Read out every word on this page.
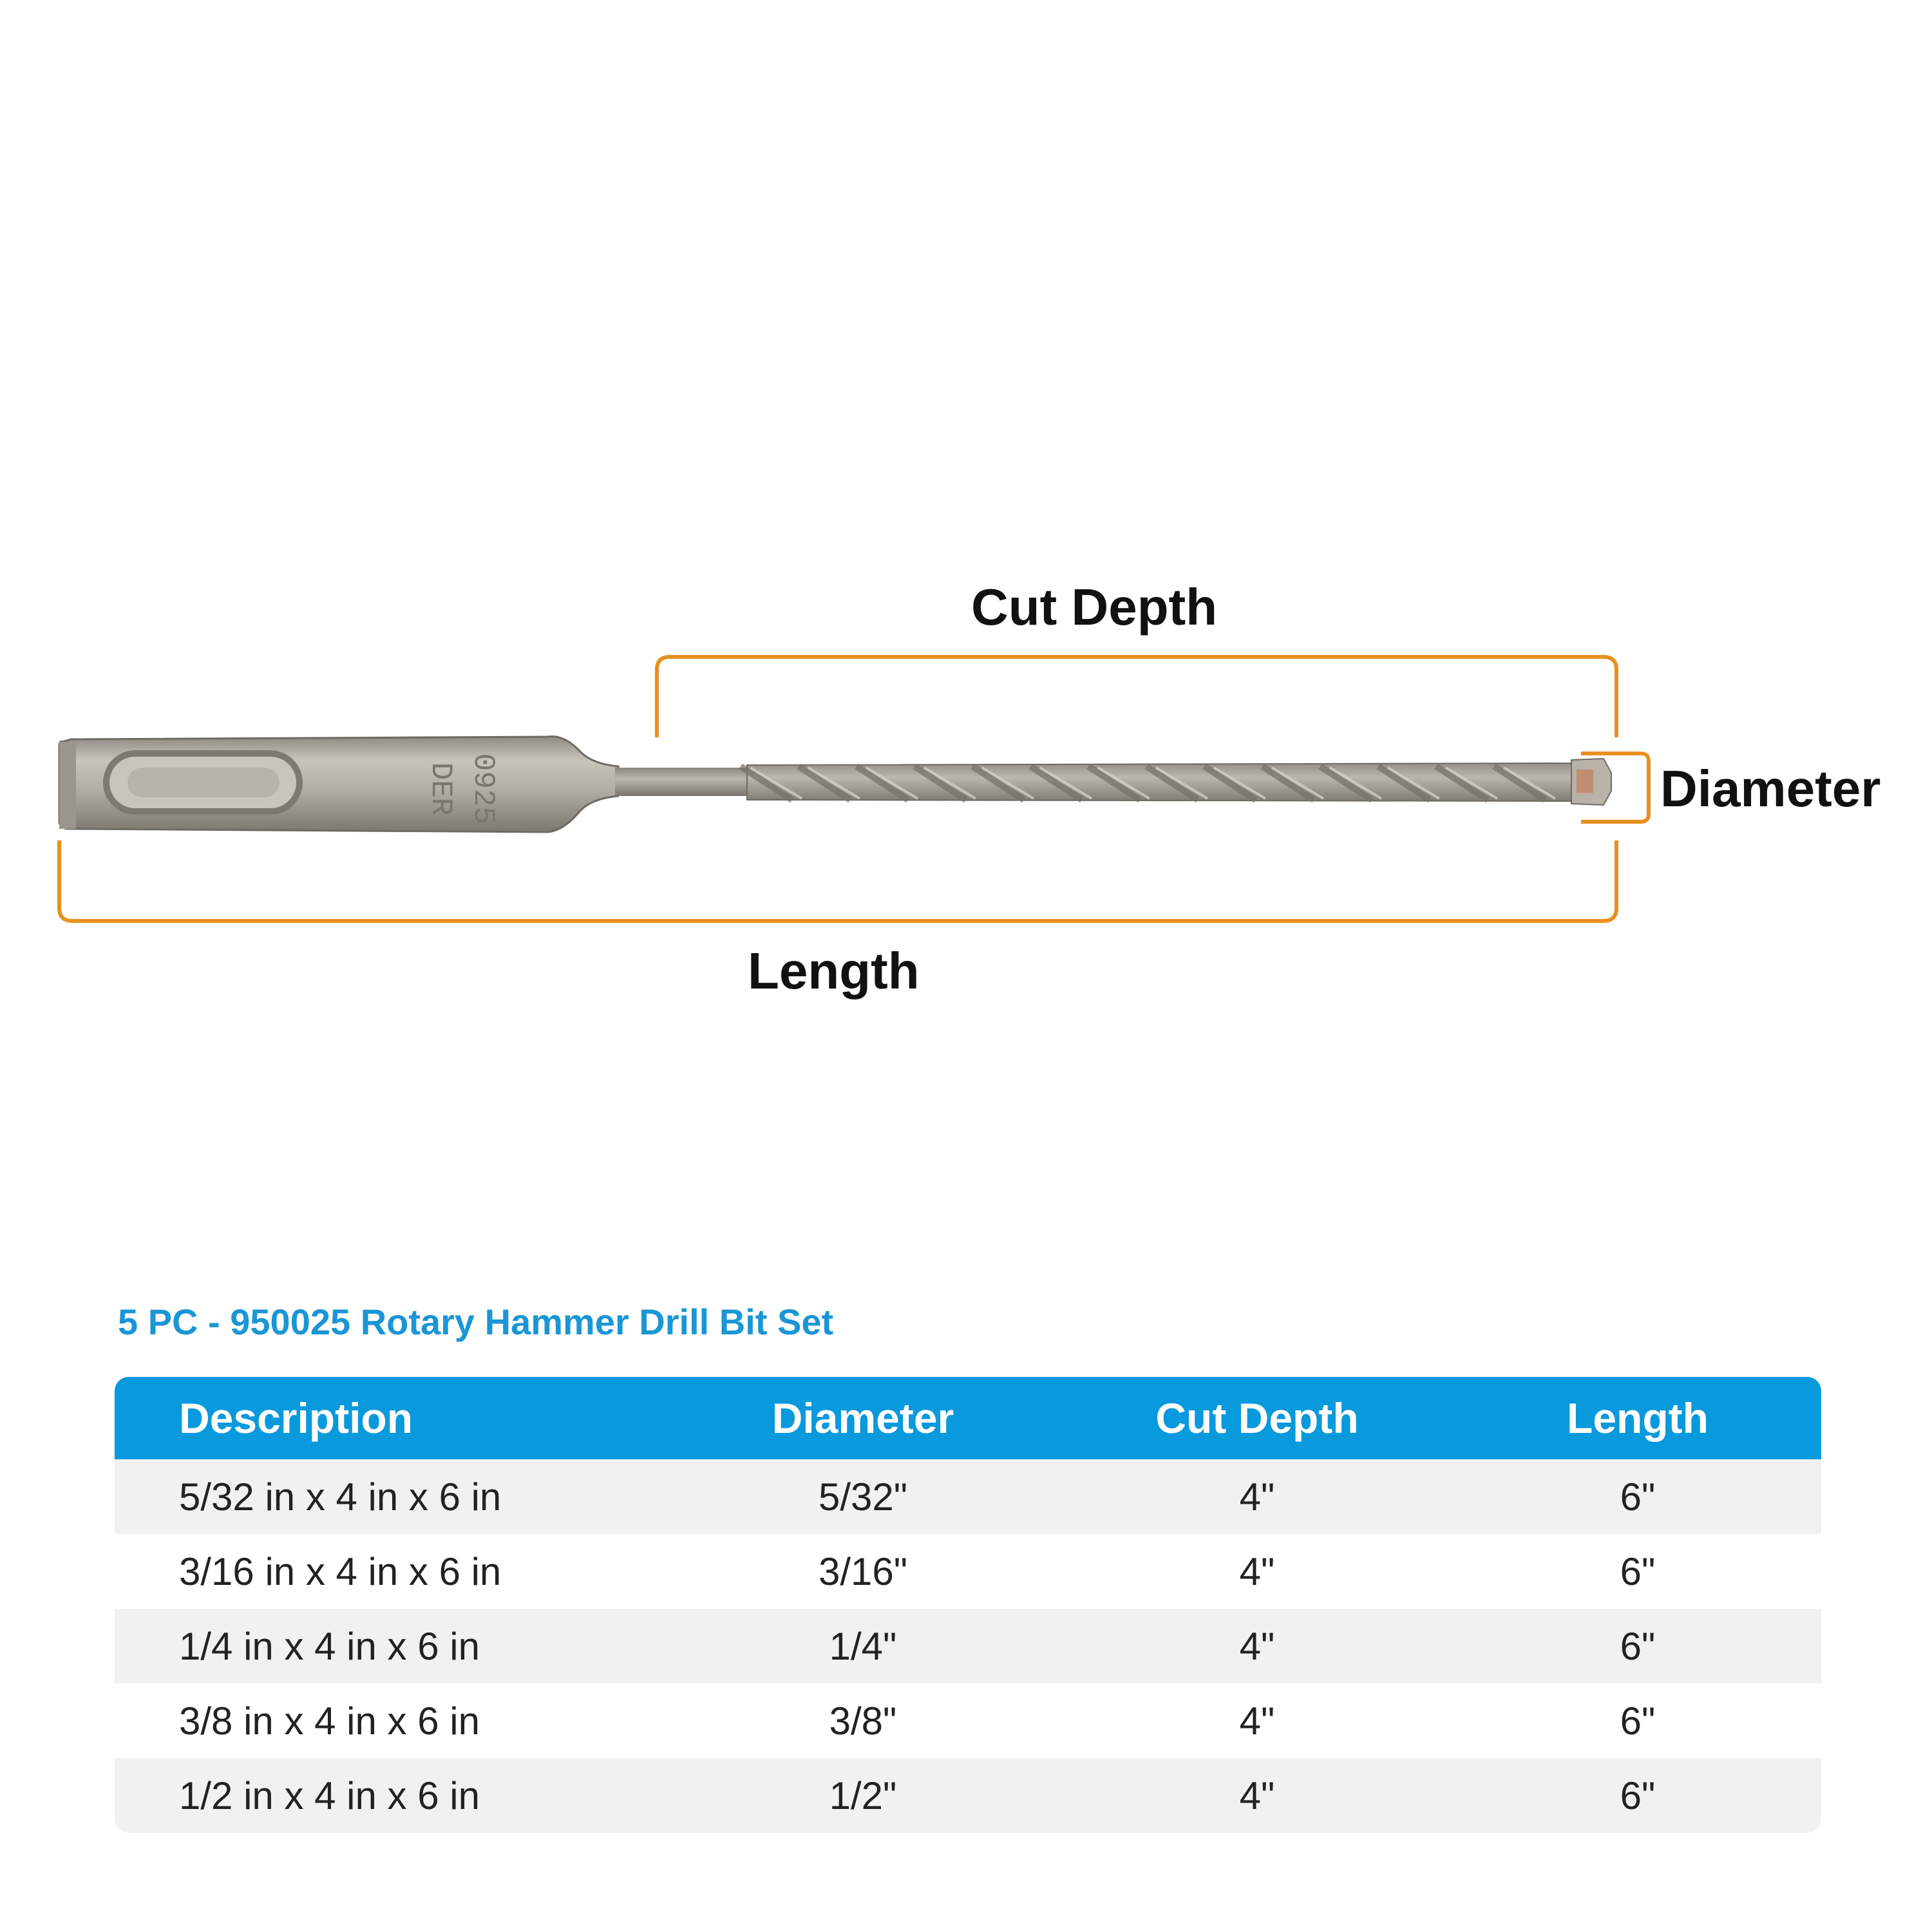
DER 0925
Cut Depth
Diameter
Length
5 PC - 950025 Rotary Hammer Drill Bit Set
Description	Diameter	Cut Depth	Length
5/32 in x 4 in x 6 in	5/32"	4"	6"
3/16 in x 4 in x 6 in	3/16"	4"	6"
1/4 in x 4 in x 6 in	1/4"	4"	6"
3/8 in x 4 in x 6 in	3/8"	4"	6"
1/2 in x 4 in x 6 in	1/2"	4"	6"
